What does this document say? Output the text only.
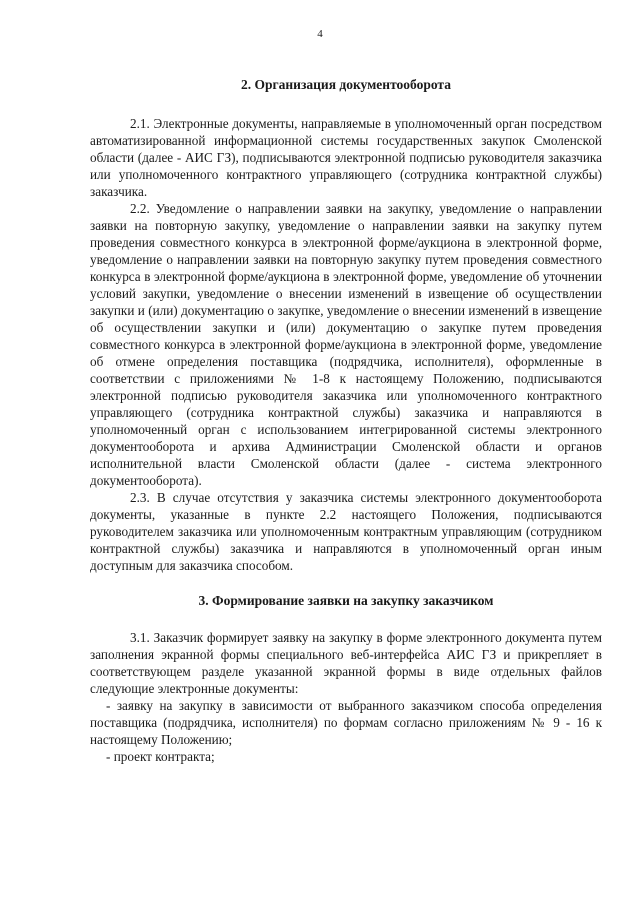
4
2. Организация документооборота

2.1. Электронные документы, направляемые в уполномоченный орган посредством автоматизированной информационной системы государственных закупок Смоленской области (далее - АИС ГЗ), подписываются электронной подписью руководителя заказчика или уполномоченного контрактного управляющего (сотрудника контрактной службы) заказчика.

2.2. Уведомление о направлении заявки на закупку, уведомление о направлении заявки на повторную закупку, уведомление о направлении заявки на закупку путем проведения совместного конкурса в электронной форме/аукциона в электронной форме, уведомление о направлении заявки на повторную закупку путем проведения совместного конкурса в электронной форме/аукциона в электронной форме, уведомление об уточнении условий закупки, уведомление о внесении изменений в извещение об осуществлении закупки и (или) документацию о закупке, уведомление о внесении изменений в извещение об осуществлении закупки и (или) документацию о закупке путем проведения совместного конкурса в электронной форме/аукциона в электронной форме, уведомление об отмене определения поставщика (подрядчика, исполнителя), оформленные в соответствии с приложениями № 1-8 к настоящему Положению, подписываются электронной подписью руководителя заказчика или уполномоченного контрактного управляющего (сотрудника контрактной службы) заказчика и направляются в уполномоченный орган с использованием интегрированной системы электронного документооборота и архива Администрации Смоленской области и органов исполнительной власти Смоленской области (далее - система электронного документооборота).

2.3. В случае отсутствия у заказчика системы электронного документооборота документы, указанные в пункте 2.2 настоящего Положения, подписываются руководителем заказчика или уполномоченным контрактным управляющим (сотрудником контрактной службы) заказчика и направляются в уполномоченный орган иным доступным для заказчика способом.

3. Формирование заявки на закупку заказчиком

3.1. Заказчик формирует заявку на закупку в форме электронного документа путем заполнения экранной формы специального веб-интерфейса АИС ГЗ и прикрепляет в соответствующем разделе указанной экранной формы в виде отдельных файлов следующие электронные документы:

- заявку на закупку в зависимости от выбранного заказчиком способа определения поставщика (подрядчика, исполнителя) по формам согласно приложениям № 9 - 16 к настоящему Положению;

- проект контракта;
